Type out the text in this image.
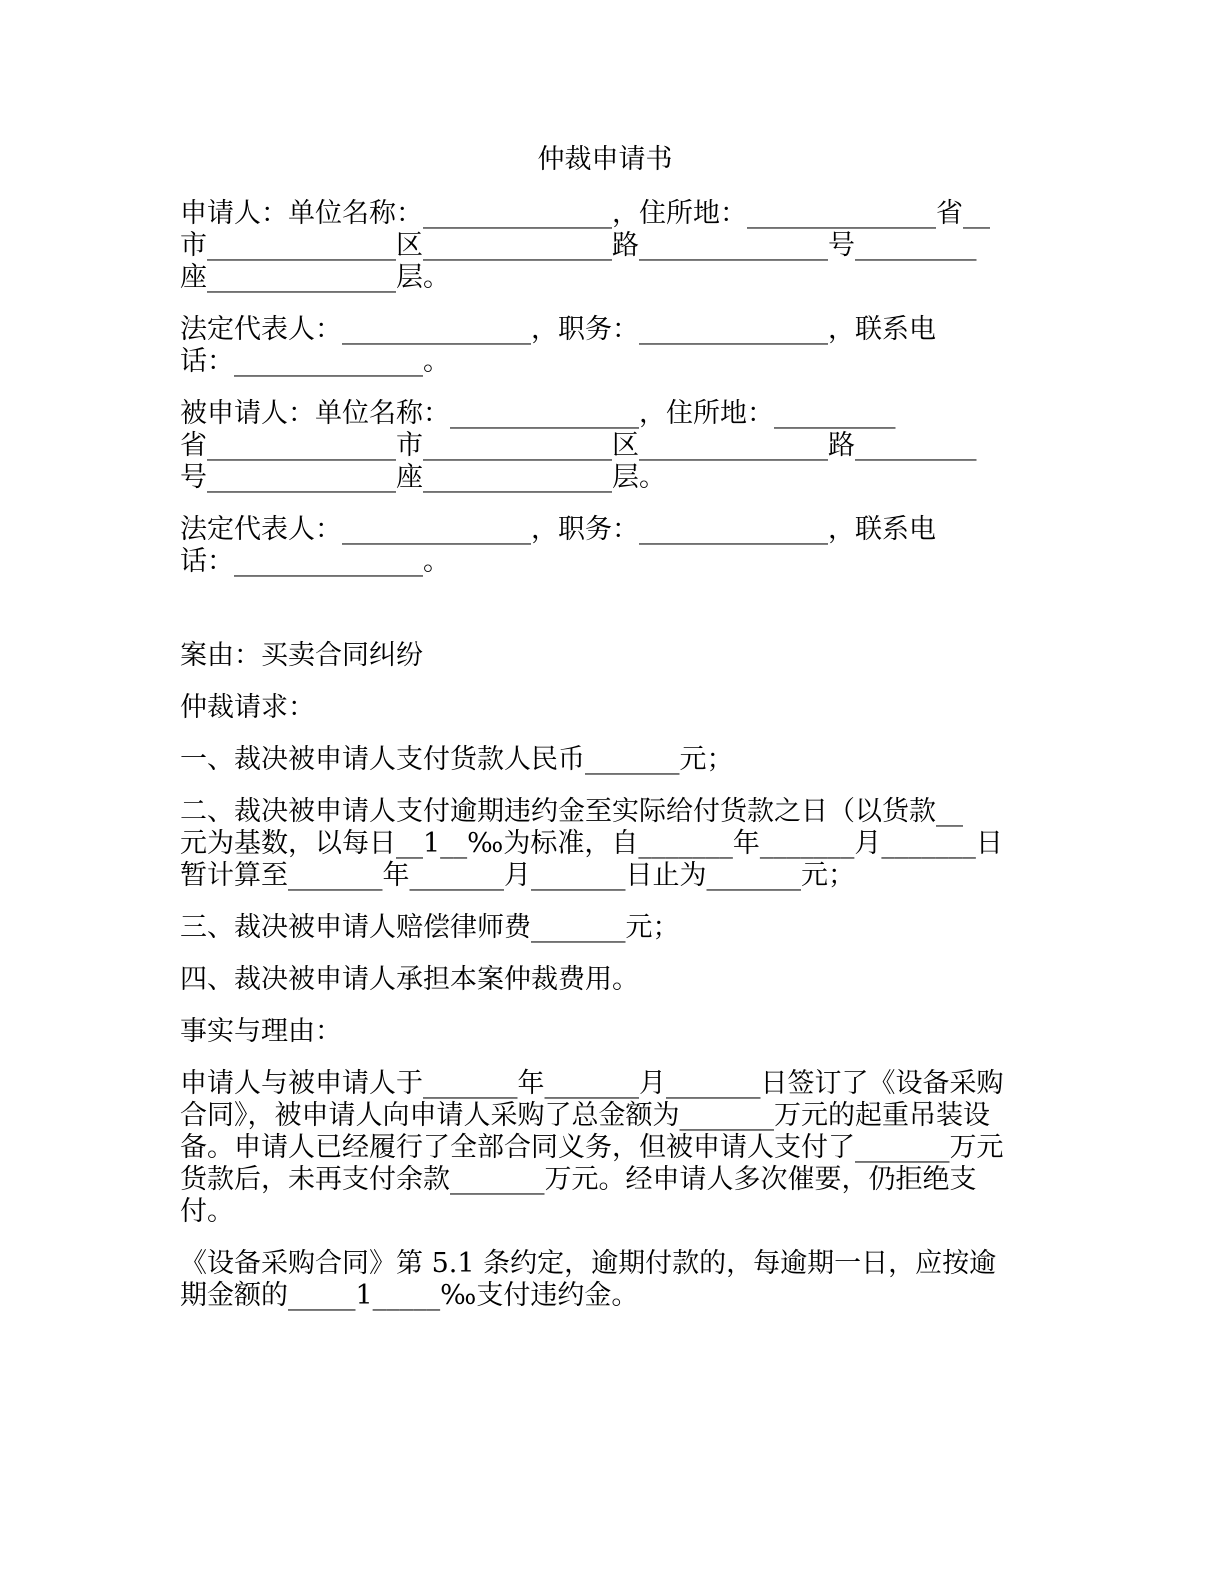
仲裁申请书

申请人：单位名称：______________，住所地：______________省__
市______________区______________路______________号_________
座______________层。

法定代表人：______________，职务：______________，联系电
话：______________。

被申请人：单位名称：______________，住所地：_________
省______________市______________区______________路_________
号______________座______________层。

法定代表人：______________，职务：______________，联系电
话：______________。

案由：买卖合同纠纷

仲裁请求：

一、裁决被申请人支付货款人民币_______元；

二、裁决被申请人支付逾期违约金至实际给付货款之日（以货款__
元为基数，以每日__1__‰为标准，自_______年_______月_______日
暂计算至_______年_______月_______日止为_______元；

三、裁决被申请人赔偿律师费_______元；

四、裁决被申请人承担本案仲裁费用。

事实与理由：

申请人与被申请人于_______年_______月_______日签订了《设备采购
合同》，被申请人向申请人采购了总金额为_______万元的起重吊装设
备。申请人已经履行了全部合同义务，但被申请人支付了_______万元
货款后，未再支付余款_______万元。经申请人多次催要，仍拒绝支
付。

《设备采购合同》第 5.1 条约定，逾期付款的，每逾期一日，应按逾
期金额的_____1_____‰支付违约金。
